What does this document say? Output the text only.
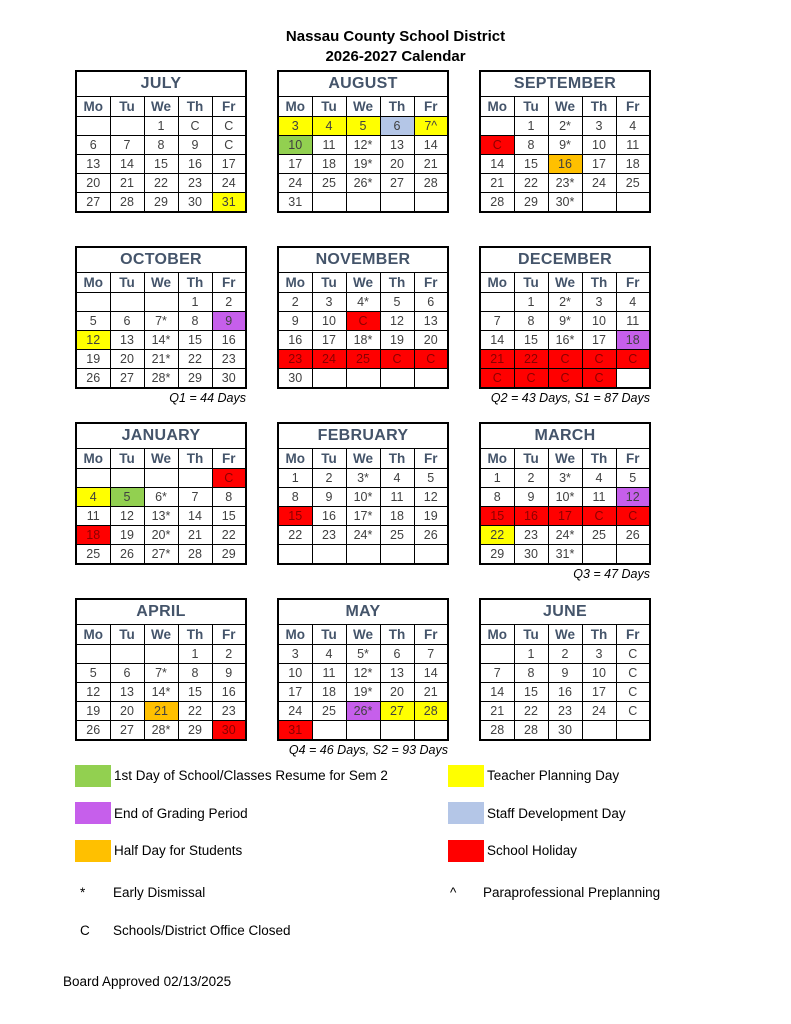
Nassau County School District
2026-2027 Calendar
JULY				
Mo	Tu	We	Th	Fr
		1	C	C
6	7	8	9	C
13	14	15	16	17
20	21	22	23	24
27	28	29	30	31
AUGUST				
Mo	Tu	We	Th	Fr
3	4	5	6	7^
10	11	12*	13	14
17	18	19*	20	21
24	25	26*	27	28
31				
SEPTEMBER				
Mo	Tu	We	Th	Fr
	1	2*	3	4
C	8	9*	10	11
14	15	16	17	18
21	22	23*	24	25
28	29	30*		
OCTOBER				
Mo	Tu	We	Th	Fr
			1	2
5	6	7*	8	9
12	13	14*	15	16
19	20	21*	22	23
26	27	28*	29	30
Q1 = 44 Days
NOVEMBER				
Mo	Tu	We	Th	Fr
2	3	4*	5	6
9	10	C	12	13
16	17	18*	19	20
23	24	25	C	C
30				
DECEMBER				
Mo	Tu	We	Th	Fr
	1	2*	3	4
7	8	9*	10	11
14	15	16*	17	18
21	22	C	C	C
C	C	C	C	
Q2 = 43 Days, S1 = 87 Days
JANUARY				
Mo	Tu	We	Th	Fr
				C
4	5	6*	7	8
11	12	13*	14	15
18	19	20*	21	22
25	26	27*	28	29
FEBRUARY				
Mo	Tu	We	Th	Fr
1	2	3*	4	5
8	9	10*	11	12
15	16	17*	18	19
22	23	24*	25	26

MARCH				
Mo	Tu	We	Th	Fr
1	2	3*	4	5
8	9	10*	11	12
15	16	17	C	C
22	23	24*	25	26
29	30	31*		
Q3 = 47 Days
APRIL				
Mo	Tu	We	Th	Fr
			1	2
5	6	7*	8	9
12	13	14*	15	16
19	20	21	22	23
26	27	28*	29	30
MAY				
Mo	Tu	We	Th	Fr
3	4	5*	6	7
10	11	12*	13	14
17	18	19*	20	21
24	25	26*	27	28
31				
Q4 = 46 Days, S2 = 93 Days
JUNE				
Mo	Tu	We	Th	Fr
	1	2	3	C
7	8	9	10	C
14	15	16	17	C
21	22	23	24	C
28	28	30		
1st Day of School/Classes Resume for Sem 2	Teacher Planning Day
End of Grading Period	Staff Development Day
Half Day for Students	School Holiday
*	Early Dismissal	^	Paraprofessional Preplanning
C	Schools/District Office Closed
Board Approved 02/13/2025
